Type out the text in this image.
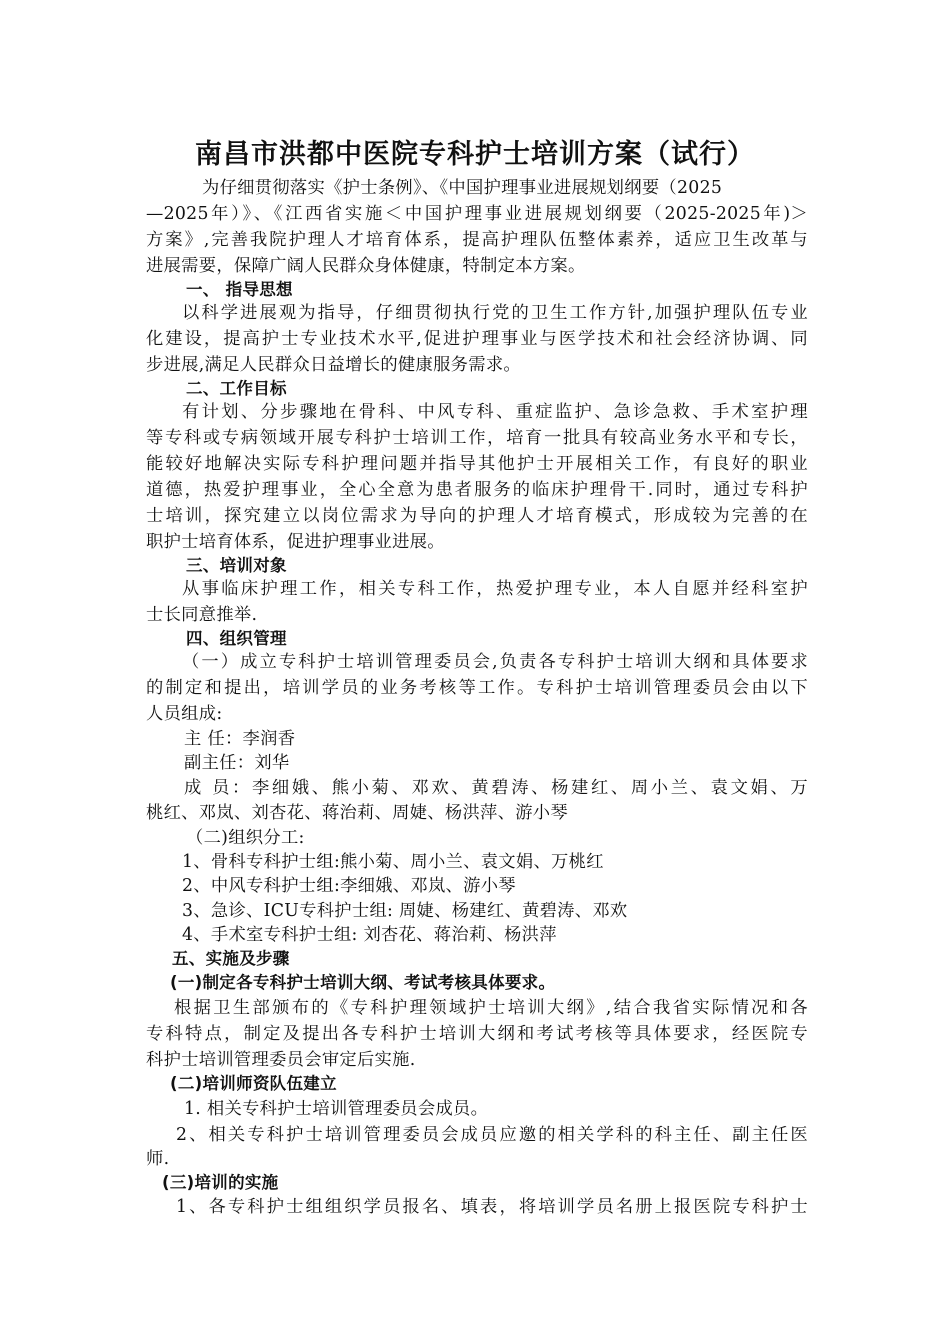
南昌市洪都中医院专科护士培训方案（试行）
为仔细贯彻落实《护士条例》、《中国护理事业进展规划纲要（2025
—2025年）》、《江西省实施＜中国护理事业进展规划纲要（2025-2025年)＞
方案》,完善我院护理人才培育体系，提高护理队伍整体素养，适应卫生改革与
进展需要，保障广阔人民群众身体健康，特制定本方案。
一、 指导思想
以科学进展观为指导，仔细贯彻执行党的卫生工作方针,加强护理队伍专业
化建设，提高护士专业技术水平,促进护理事业与医学技术和社会经济协调、同
步进展,满足人民群众日益增长的健康服务需求。
二、工作目标
有计划、分步骤地在骨科、中风专科、重症监护、急诊急救、手术室护理
等专科或专病领域开展专科护士培训工作，培育一批具有较高业务水平和专长，
能较好地解决实际专科护理问题并指导其他护士开展相关工作，有良好的职业
道德，热爱护理事业，全心全意为患者服务的临床护理骨干.同时，通过专科护
士培训，探究建立以岗位需求为导向的护理人才培育模式，形成较为完善的在
职护士培育体系，促进护理事业进展。
三、培训对象
从事临床护理工作，相关专科工作，热爱护理专业，本人自愿并经科室护
士长同意推举.
四、组织管理
（一）成立专科护士培训管理委员会,负责各专科护士培训大纲和具体要求
的制定和提出，培训学员的业务考核等工作。专科护士培训管理委员会由以下
人员组成:
主 任：李润香
副主任：刘华
成 员：李细娥、熊小菊、邓欢、黄碧涛、杨建红、周小兰、袁文娟、万
桃红、邓岚、刘杏花、蒋治莉、周婕、杨洪萍、游小琴
（二)组织分工:
1、骨科专科护士组:熊小菊、周小兰、袁文娟、万桃红
2、中风专科护士组:李细娥、邓岚、游小琴
3、急诊、ICU专科护士组: 周婕、杨建红、黄碧涛、邓欢
4、手术室专科护士组: 刘杏花、蒋治莉、杨洪萍
五、实施及步骤
(一)制定各专科护士培训大纲、考试考核具体要求。
根据卫生部颁布的《专科护理领域护士培训大纲》,结合我省实际情况和各
专科特点，制定及提出各专科护士培训大纲和考试考核等具体要求，经医院专
科护士培训管理委员会审定后实施.
(二)培训师资队伍建立
1. 相关专科护士培训管理委员会成员。
2、相关专科护士培训管理委员会成员应邀的相关学科的科主任、副主任医
师.
(三)培训的实施
1、各专科护士组组织学员报名、填表，将培训学员名册上报医院专科护士
